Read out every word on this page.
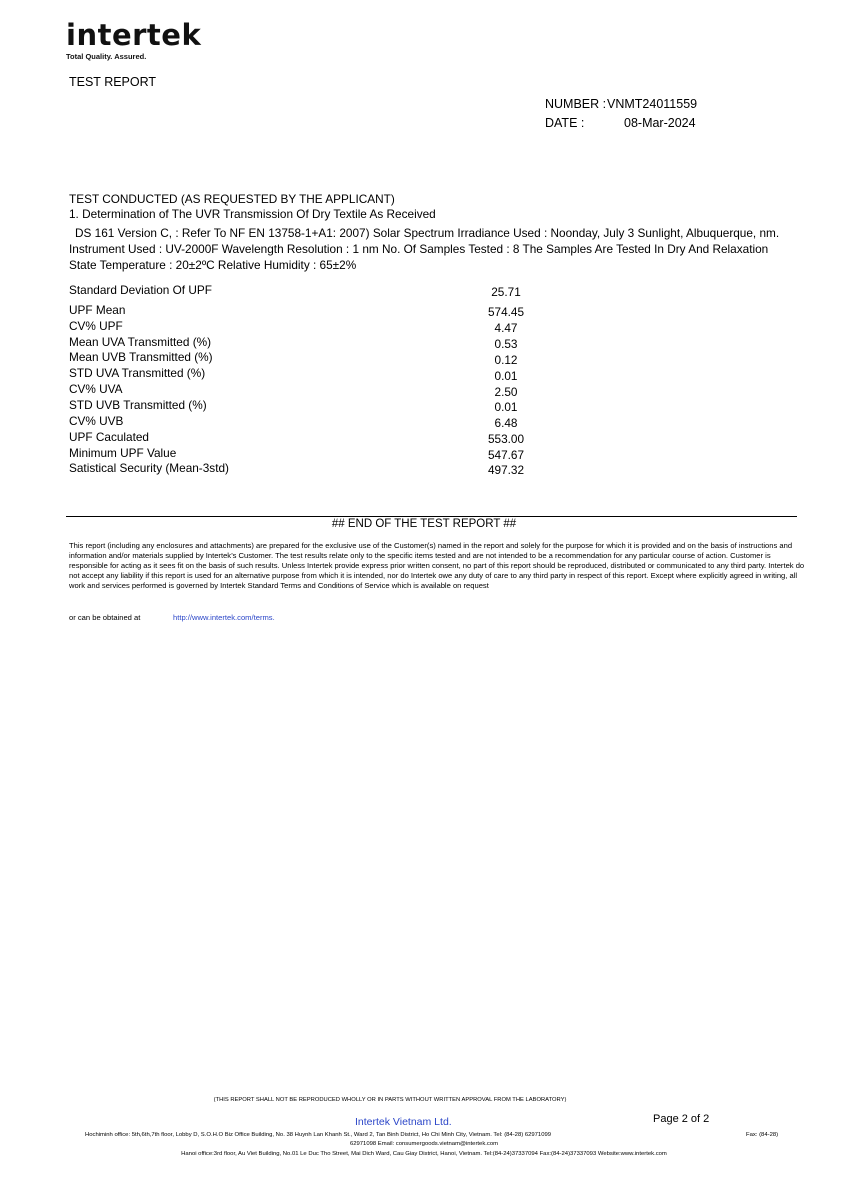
intertek
Total Quality. Assured.
TEST REPORT
NUMBER : VNMT24011559
DATE :	08-Mar-2024
TEST CONDUCTED (AS REQUESTED BY THE APPLICANT)
1. Determination of The UVR Transmission Of Dry Textile As Received
DS 161 Version C, : Refer To NF EN 13758-1+A1: 2007) Solar Spectrum Irradiance Used : Noonday, July 3 Sunlight, Albuquerque, nm.
Instrument Used : UV-2000F Wavelength Resolution : 1 nm No. Of Samples Tested : 8 The Samples Are Tested In Dry And Relaxation
State Temperature : 20±2ºC Relative Humidity : 65±2%
Standard Deviation Of UPF	25.71
UPF Mean	574.45
CV% UPF	4.47
Mean UVA Transmitted (%)	0.53
Mean UVB Transmitted (%)	0.12
STD UVA Transmitted (%)	0.01
CV% UVA	2.50
STD UVB Transmitted (%)	0.01
CV% UVB	6.48
UPF Caculated	553.00
Minimum UPF Value	547.67
Satistical Security (Mean-3std)	497.32
## END OF THE TEST REPORT ##
This report (including any enclosures and attachments) are prepared for the exclusive use of the Customer(s) named in the report and solely for the purpose for which it is provided and on the basis of instructions and information and/or materials supplied by Intertek’s Customer. The test results relate only to the specific items tested and are not intended to be a recommendation for any particular course of action. Customer is responsible for acting as it sees fit on the basis of such results. Unless Intertek provide express prior written consent, no part of this report should be reproduced, distributed or communicated to any third party. Intertek do not accept any liability if this report is used for an alternative purpose from which it is intended, nor do Intertek owe any duty of care to any third party in respect of this report. Except where explicitly agreed in writing, all work and services performed is governed by Intertek Standard Terms and Conditions of Service which is available on request
or can be obtained at	http://www.intertek.com/terms.
(THIS REPORT SHALL NOT BE REPRODUCED WHOLLY OR IN PARTS WITHOUT WRITTEN APPROVAL FROM THE LABORATORY)
Intertek Vietnam Ltd.	Page 2 of 2
Hochiminh office: 5th,6th,7th floor, Lobby D, S.O.H.O Biz Office Building, No. 38 Huynh Lan Khanh St., Ward 2, Tan Binh District, Ho Chi Minh City, Vietnam. Tel: (84-28) 62971099	Fax: (84-28)
62971098 Email: consumergoods.vietnam@intertek.com
Hanoi office:3rd floor, Au Viet Building, No.01 Le Duc Tho Street, Mai Dich Ward, Cau Giay District, Hanoi, Vietnam. Tel:(84-24)37337094 Fax:(84-24)37337093 Website:www.intertek.com
